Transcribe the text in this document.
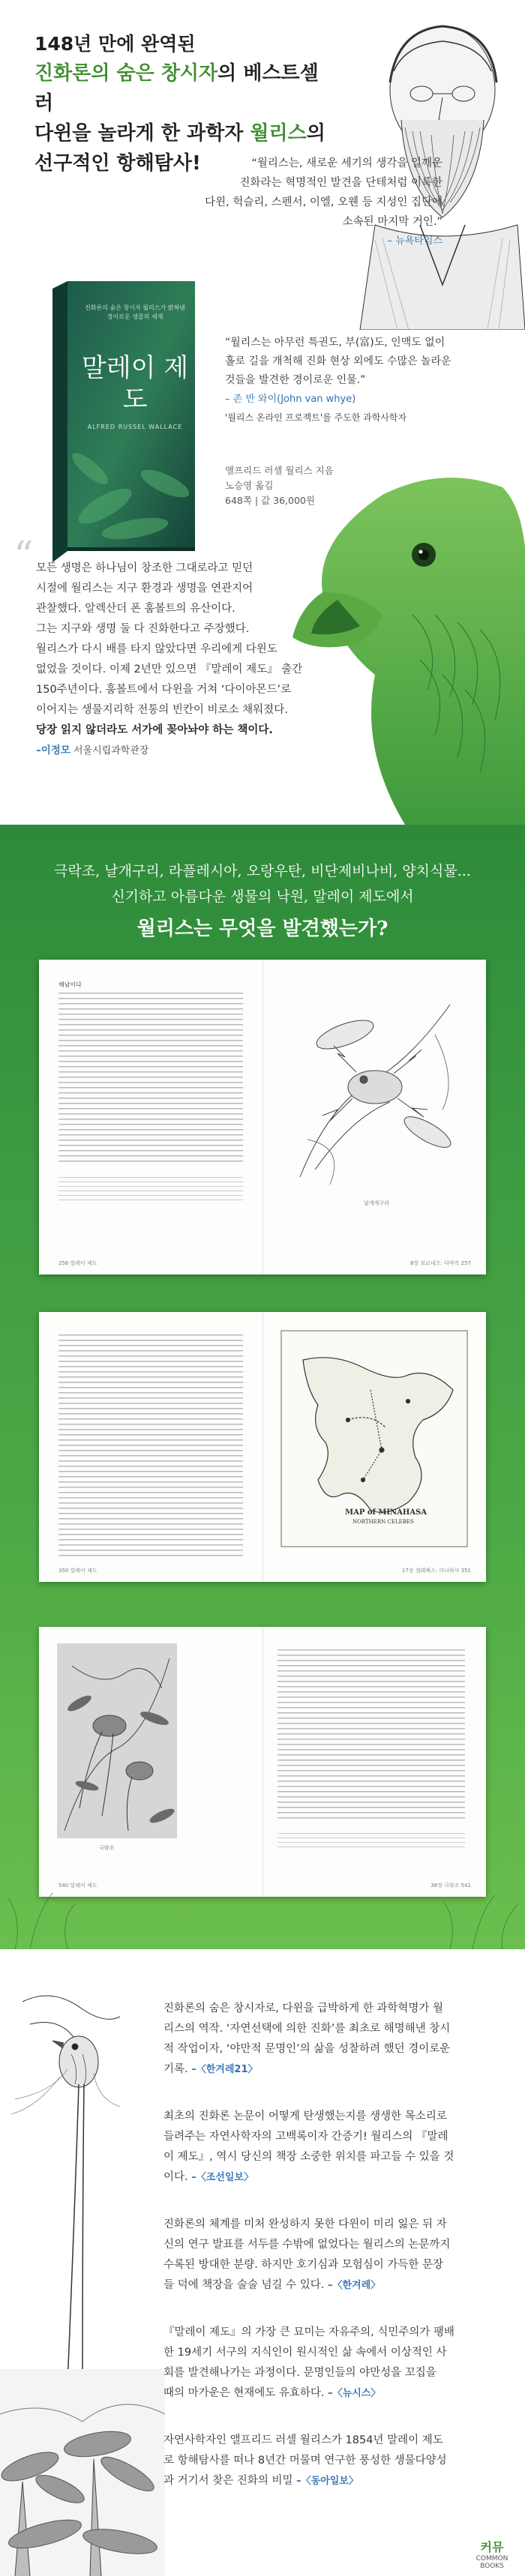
148년 만에 완역된
진화론의 숨은 창시자의 베스트셀러
다윈을 놀라게 한 과학자 월리스의
선구적인 항해탐사!	“월리스는, 새로운 세기의 생각을 일깨운
진화라는 혁명적인 발견을 단테처럼 이룩한
다윈, 헉슬리, 스펜서, 이엘, 오웬 등 지성인 집단에
소속된 마지막 거인.”
– 뉴욕타임스
진화론의 숨은 창시자 월리스가 밝혀낸 경이로운 생물의 세계
말레이 제도
ALFRED RUSSEL WALLACE
“월리스는 아무런 특권도, 부(富)도, 인맥도 없이
홀로 길을 개척해 진화 현상 외에도 수많은 놀라운
것들을 발견한 경이로운 인물.”
– 존 반 와이(John van whye)
'월리스 온라인 프로젝트'를 주도한 과학사학자
앨프리드 러셀 월리스 지음
노승영 옮김
648쪽 | 값 36,000원
“ 모든 생명은 하나님이 창조한 그대로라고 믿던
시절에 월리스는 지구 환경과 생명을 연관지어
관찰했다. 알렉산더 폰 훔볼트의 유산이다.
그는 지구와 생명 둘 다 진화한다고 주장했다.
월리스가 다시 배를 타지 않았다면 우리에게 다윈도
없었을 것이다. 이제 2년만 있으면 『말레이 제도』 출간
150주년이다. 훔볼트에서 다윈을 거쳐 ‘다이아몬드’로
이어지는 생물지리학 전통의 빈칸이 비로소 채워졌다.
당장 읽지 않더라도 서가에 꽂아놔야 하는 책이다.
–이정모 서울시립과학관장
극락조, 날개구리, 라플레시아, 오랑우탄, 비단제비나비, 양치식물...
신기하고 아름다운 생물의 낙원, 말레이 제도에서
월리스는 무엇을 발견했는가?
해남이다
256 말레이 제도
날개개구리
8장 보르네오: 다약족 257
350 말레이 제도
MAP of MINAHASA
NORTHERN CELEBES
17장 셀레베스: 미나하사 351
극락조
540 말레이 제도	38장 극락조 541
진화론의 숨은 창시자로, 다윈을 급박하게 한 과학혁명가 월
리스의 역작. ‘자연선택에 의한 진화’를 최초로 해명해낸 창시
적 작업이자, ‘야만적 문명인’의 삶을 성찰하려 했던 경이로운
기록. –〈한겨레21〉
최초의 진화론 논문이 어떻게 탄생했는지를 생생한 목소리로
들려주는 자연사학자의 고백록이자 간증기! 월리스의 『말레
이 제도』, 역시 당신의 책장 소중한 위치를 파고들 수 있을 것
이다. –〈조선일보〉
진화론의 체계를 미처 완성하지 못한 다윈이 미리 잃은 뒤 자
신의 연구 발표를 서두를 수밖에 없었다는 월리스의 논문까지
수록된 방대한 분량. 하지만 호기심과 모험심이 가득한 문장
들 덕에 책장을 술술 넘길 수 있다. –〈한겨레〉
『말레이 제도』의 가장 큰 묘미는 자유주의, 식민주의가 팽배
한 19세기 서구의 지식인이 원시적인 삶 속에서 이상적인 사
회를 발견해나가는 과정이다. 문명인들의 야만성을 꼬집을
때의 마가운은 현재에도 유효하다. –〈뉴시스〉
자연사학자인 앨프리드 러셀 월리스가 1854년 말레이 제도
로 항해탐사를 떠나 8년간 머물며 연구한 풍성한 생물다양성
과 거기서 찾은 진화의 비밀 –〈동아일보〉
커뮤
COMMON BOOKS
